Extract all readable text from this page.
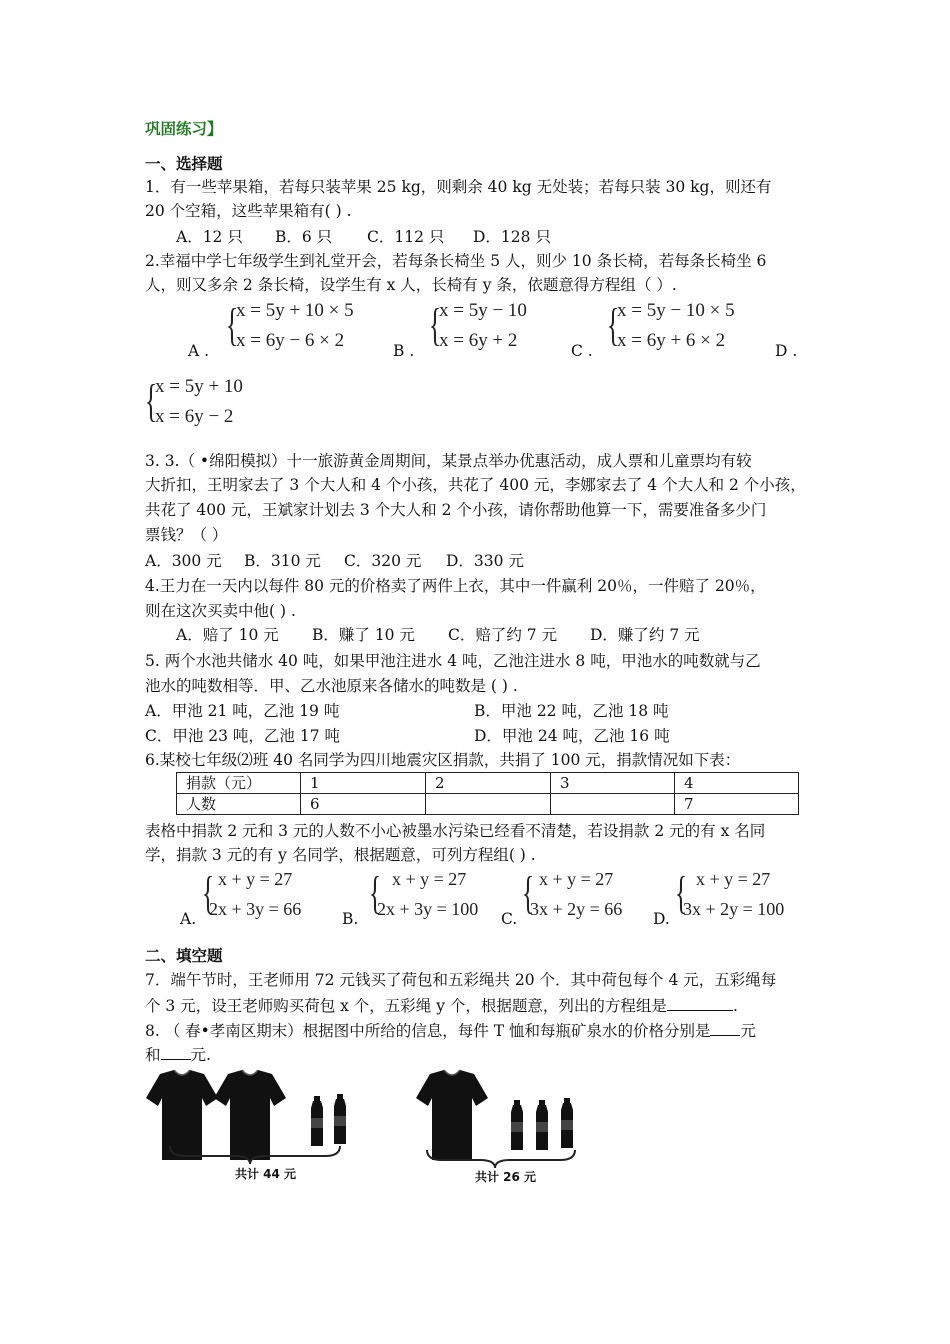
巩固练习】
一、选择题
1．有一些苹果箱，若每只装苹果 25 kg，则剩余 40 kg 无处装；若每只装 30 kg，则还有
20 个空箱，这些苹果箱有( ) .
A．12 只 B．6 只 C．112 只 D．128 只
2.幸福中学七年级学生到礼堂开会，若每条长椅坐 5 人，则少 10 条长椅，若每条长椅坐 6
人，则又多余 2 条长椅，设学生有 x 人，长椅有 y 条，依题意得方程组（ ）.
A .
{
x = 5y + 10 × 5
x = 6y − 6 × 2	B .
{
x = 5y − 10
x = 6y + 2	C .
{
x = 5y − 10 × 5
x = 6y + 6 × 2	D .
{
x = 5y + 10
x = 6y − 2
3. 3.（ •绵阳模拟）十一旅游黄金周期间，某景点举办优惠活动，成人票和儿童票均有较
大折扣，王明家去了 3 个大人和 4 个小孩，共花了 400 元，李娜家去了 4 个大人和 2 个小孩，
共花了 400 元，王斌家计划去 3 个大人和 2 个小孩，请你帮助他算一下，需要准备多少门
票钱？（ ）
A．300 元 B．310 元 C．320 元 D．330 元
4.王力在一天内以每件 80 元的价格卖了两件上衣，其中一件赢利 20％，一件赔了 20％，
则在这次买卖中他( ) .
A．赔了 10 元 B．赚了 10 元 C．赔了约 7 元 D．赚了约 7 元
5. 两个水池共储水 40 吨，如果甲池注进水 4 吨，乙池注进水 8 吨，甲池水的吨数就与乙
池水的吨数相等．甲、乙水池原来各储水的吨数是 ( ) .
A．甲池 21 吨，乙池 19 吨	B．甲池 22 吨，乙池 18 吨
C．甲池 23 吨，乙池 17 吨	D．甲池 24 吨，乙池 16 吨
6.某校七年级⑵班 40 名同学为四川地震灾区捐款，共捐了 100 元，捐款情况如下表：
捐款（元）	1	2	3	4
人数	6			7
表格中捐款 2 元和 3 元的人数不小心被墨水污染已经看不清楚，若设捐款 2 元的有 x 名同
学，捐款 3 元的有 y 名同学，根据题意，可列方程组( ) .
A.
{ x + y = 27
2x + 3y = 66	B.
{ x + y = 27
2x + 3y = 100 C.
{ x + y = 27
3x + 2y = 66 D.
{ x + y = 27
3x + 2y = 100
二、填空题
7．端午节时，王老师用 72 元钱买了荷包和五彩绳共 20 个．其中荷包每个 4 元，五彩绳每
个 3 元，设王老师购买荷包 x 个，五彩绳 y 个，根据题意，列出的方程组是	.
8. （ 春•孝南区期末）根据图中所给的信息，每件 T 恤和每瓶矿泉水的价格分别是 元
和 元.
共计 44 元	共计 26 元
